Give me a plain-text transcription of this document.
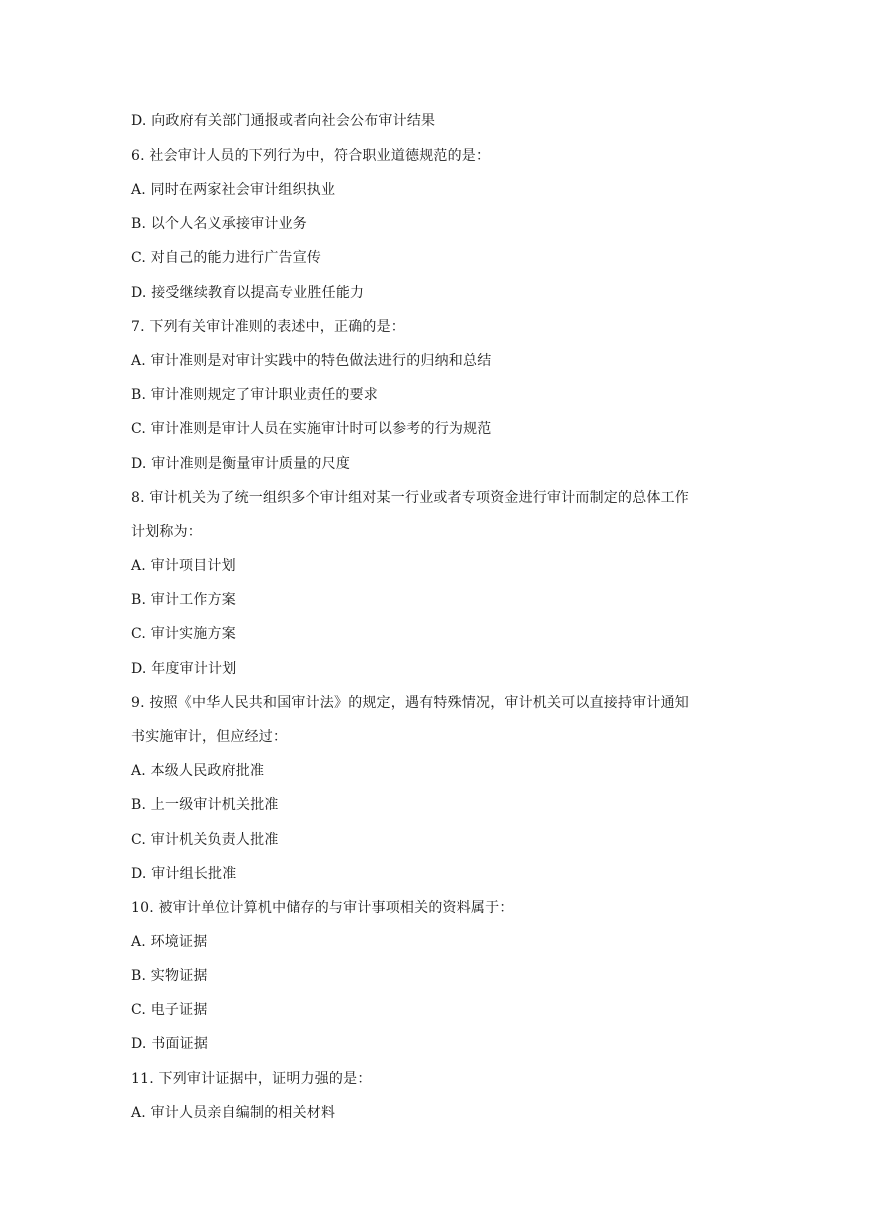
D. 向政府有关部门通报或者向社会公布审计结果
6. 社会审计人员的下列行为中，符合职业道德规范的是：
A. 同时在两家社会审计组织执业
B. 以个人名义承接审计业务
C. 对自己的能力进行广告宣传
D. 接受继续教育以提高专业胜任能力
7. 下列有关审计准则的表述中，正确的是：
A. 审计准则是对审计实践中的特色做法进行的归纳和总结
B. 审计准则规定了审计职业责任的要求
C. 审计准则是审计人员在实施审计时可以参考的行为规范
D. 审计准则是衡量审计质量的尺度
8. 审计机关为了统一组织多个审计组对某一行业或者专项资金进行审计而制定的总体工作
计划称为：
A. 审计项目计划
B. 审计工作方案
C. 审计实施方案
D. 年度审计计划
9. 按照《中华人民共和国审计法》的规定，遇有特殊情况，审计机关可以直接持审计通知
书实施审计，但应经过：
A. 本级人民政府批准
B. 上一级审计机关批准
C. 审计机关负责人批准
D. 审计组长批准
10. 被审计单位计算机中储存的与审计事项相关的资料属于：
A. 环境证据
B. 实物证据
C. 电子证据
D. 书面证据
11. 下列审计证据中，证明力强的是：
A. 审计人员亲自编制的相关材料
